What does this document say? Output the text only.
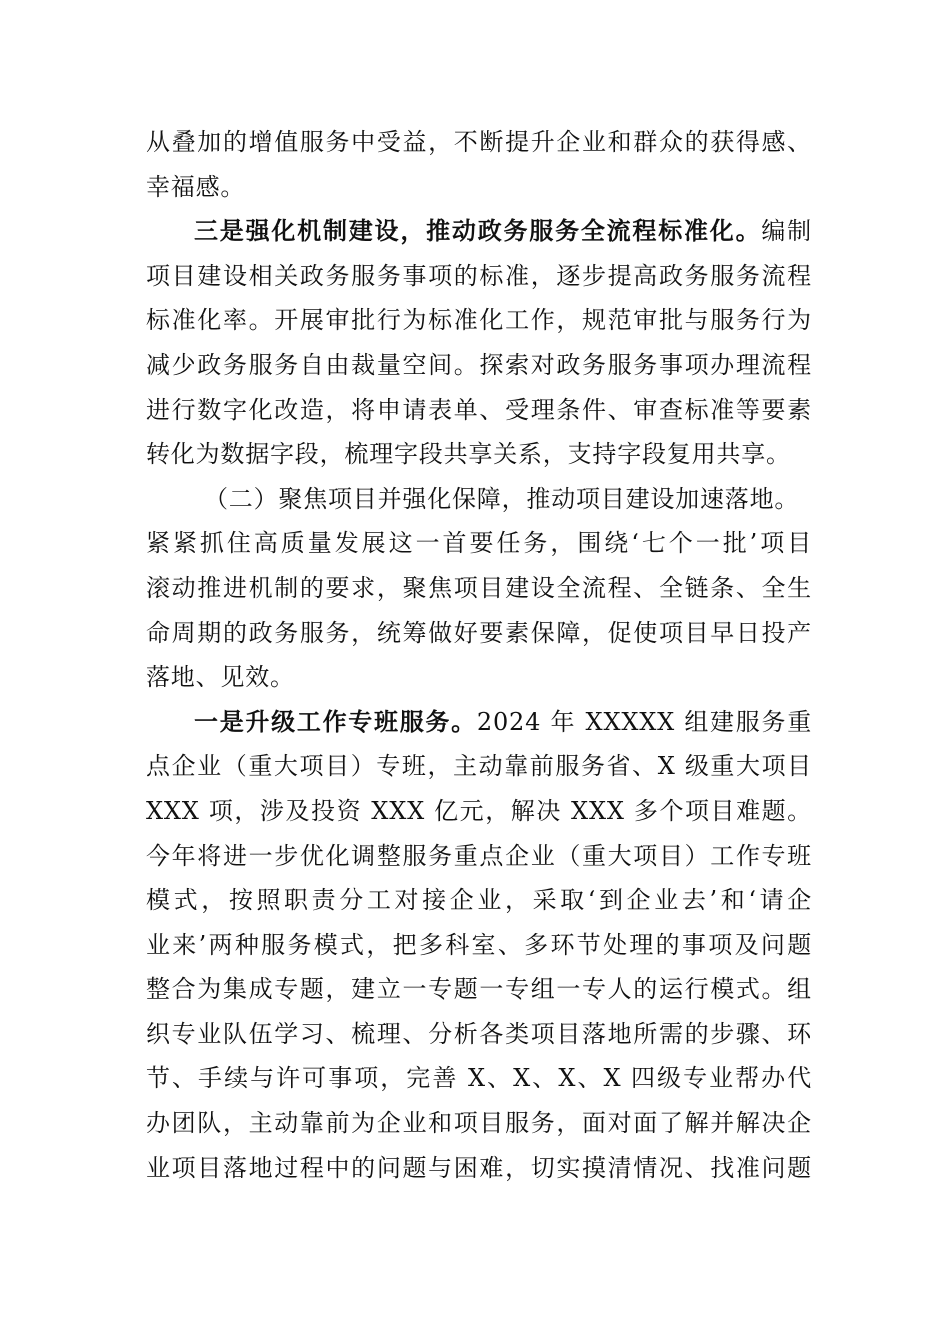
从叠加的增值服务中受益，不断提升企业和群众的获得感、
幸福感。
三是强化机制建设，推动政务服务全流程标准化。编制
项目建设相关政务服务事项的标准，逐步提高政务服务流程
标准化率。开展审批行为标准化工作，规范审批与服务行为
减少政务服务自由裁量空间。探索对政务服务事项办理流程
进行数字化改造，将申请表单、受理条件、审查标准等要素
转化为数据字段，梳理字段共享关系，支持字段复用共享。
（二）聚焦项目并强化保障，推动项目建设加速落地。
紧紧抓住高质量发展这一首要任务，围绕‘七个一批’项目
滚动推进机制的要求，聚焦项目建设全流程、全链条、全生
命周期的政务服务，统筹做好要素保障，促使项目早日投产
落地、见效。
一是升级工作专班服务。2024 年 XXXXX 组建服务重
点企业（重大项目）专班，主动靠前服务省、X 级重大项目
XXX 项，涉及投资 XXX 亿元，解决 XXX 多个项目难题。
今年将进一步优化调整服务重点企业（重大项目）工作专班
模式，按照职责分工对接企业，采取‘到企业去’和‘请企
业来’两种服务模式，把多科室、多环节处理的事项及问题
整合为集成专题，建立一专题一专组一专人的运行模式。组
织专业队伍学习、梳理、分析各类项目落地所需的步骤、环
节、手续与许可事项，完善 X、X、X、X 四级专业帮办代
办团队，主动靠前为企业和项目服务，面对面了解并解决企
业项目落地过程中的问题与困难，切实摸清情况、找准问题
